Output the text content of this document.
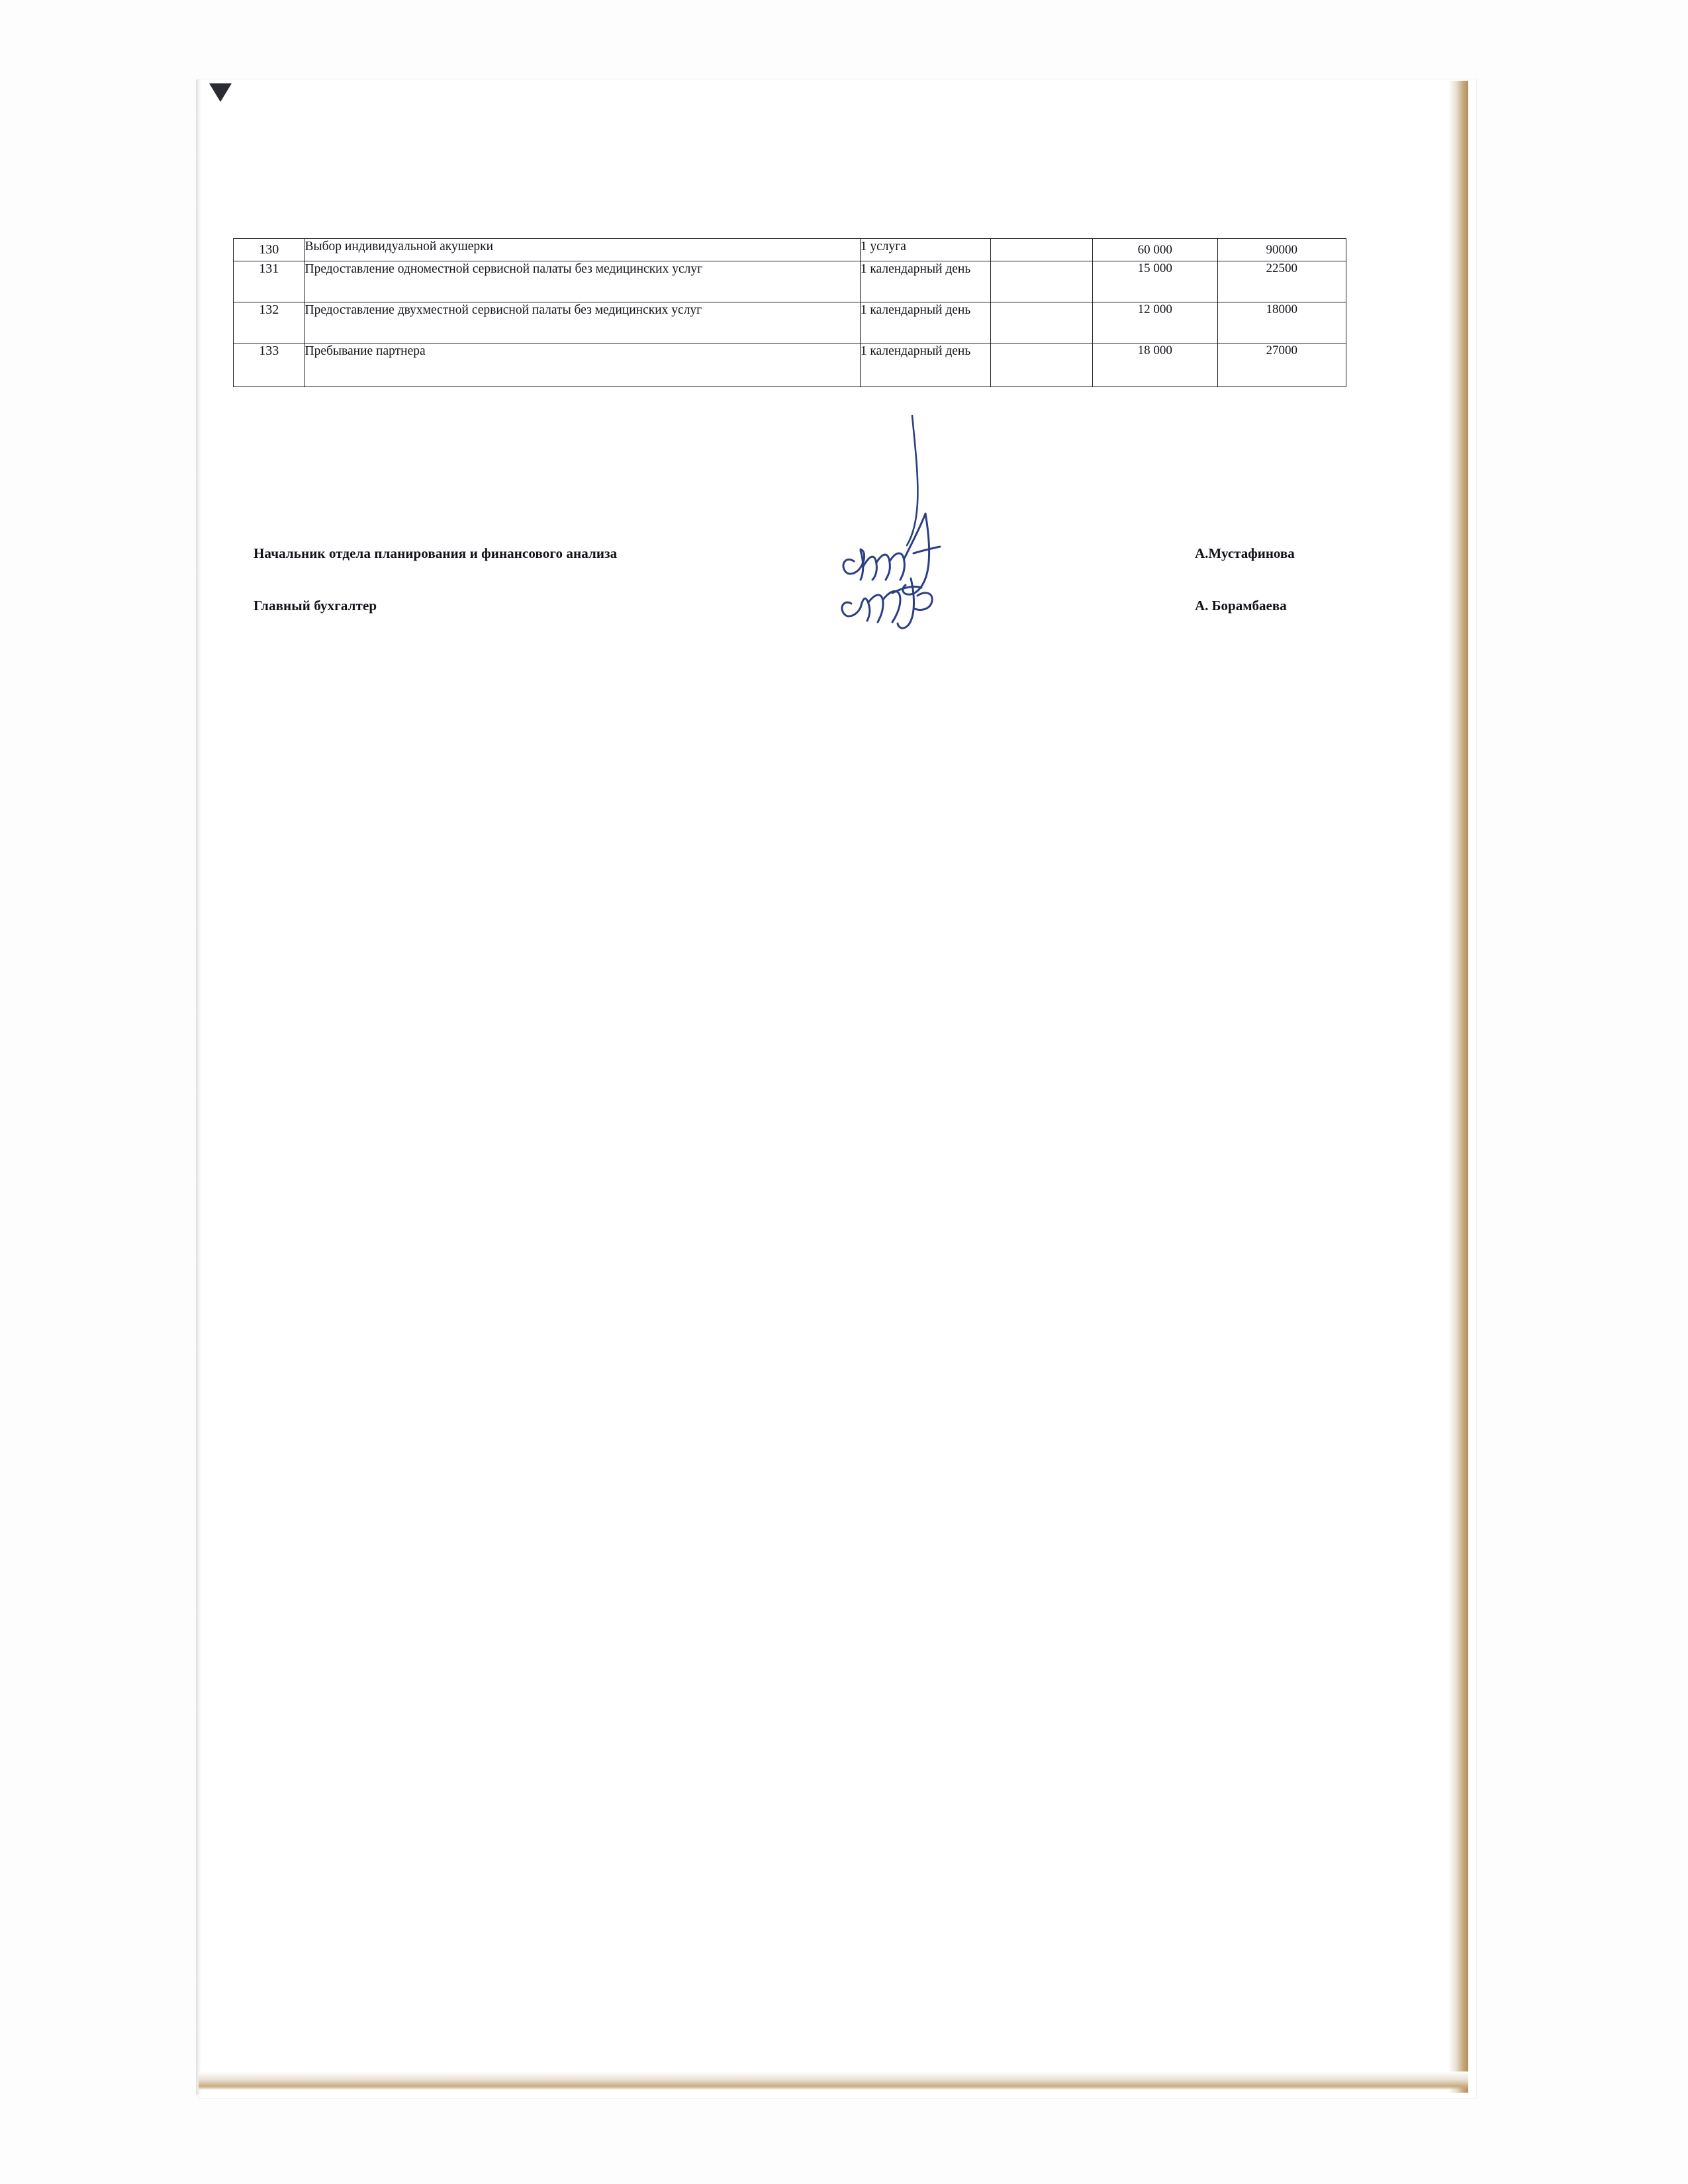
130	Выбор индивидуальной акушерки	1 услуга		60 000	90000
131	Предоставление одноместной сервисной палаты без медицинских услуг	1 календарный день		15 000	22500
132	Предоставление двухместной сервисной палаты без медицинских услуг	1 календарный день		12 000	18000
133	Пребывание партнера	1 календарный день		18 000	27000
Начальник отдела планирования и финансового анализа	А.Мустафинова
Главный бухгалтер	А. Борамбаева
